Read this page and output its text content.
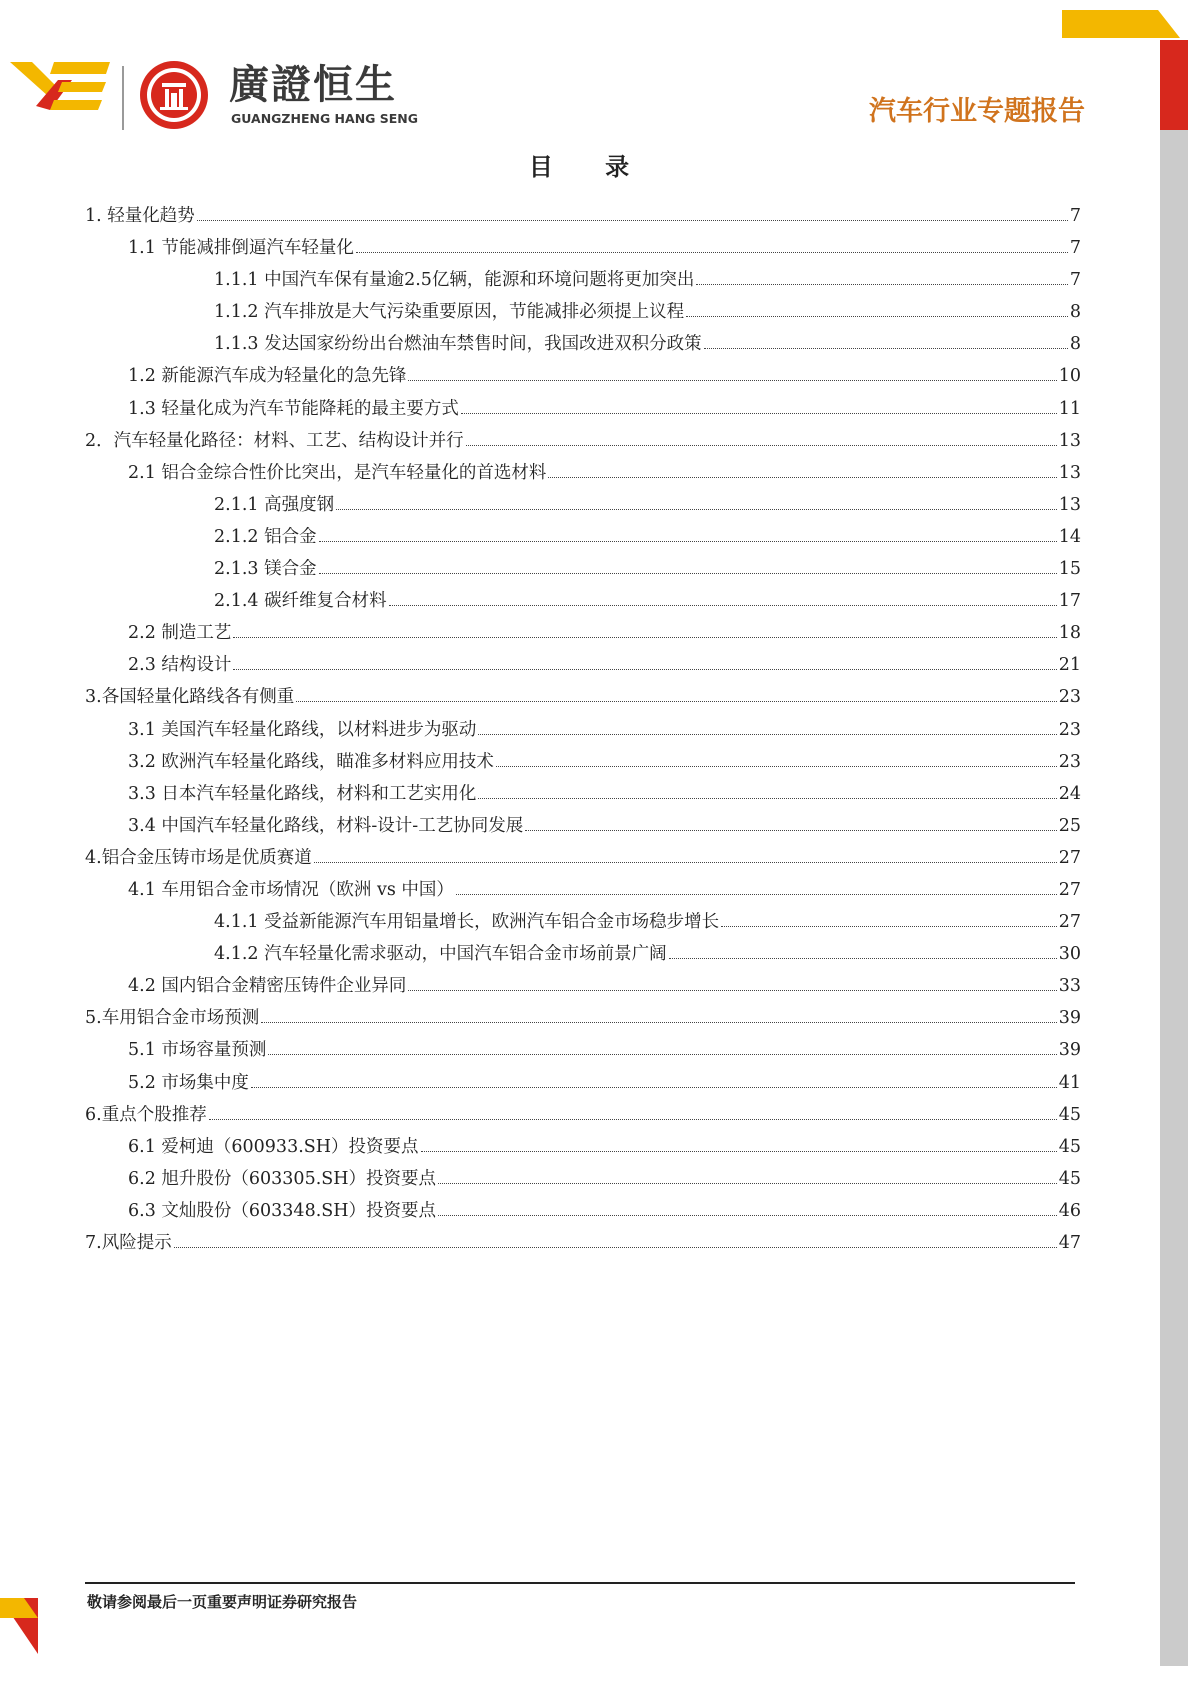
廣證恒生
GUANGZHENG HANG SENG	汽车行业专题报告
目 录
1. 轻量化趋势	7
1.1 节能减排倒逼汽车轻量化	7
1.1.1 中国汽车保有量逾2.5亿辆，能源和环境问题将更加突出	7
1.1.2 汽车排放是大气污染重要原因，节能减排必须提上议程	8
1.1.3 发达国家纷纷出台燃油车禁售时间，我国改进双积分政策	8
1.2 新能源汽车成为轻量化的急先锋	10
1.3 轻量化成为汽车节能降耗的最主要方式	11
2．汽车轻量化路径：材料、工艺、结构设计并行	13
2.1 铝合金综合性价比突出，是汽车轻量化的首选材料	13
2.1.1 高强度钢	13
2.1.2 铝合金	14
2.1.3 镁合金	15
2.1.4 碳纤维复合材料	17
2.2 制造工艺	18
2.3 结构设计	21
3.各国轻量化路线各有侧重	23
3.1 美国汽车轻量化路线，以材料进步为驱动	23
3.2 欧洲汽车轻量化路线，瞄准多材料应用技术	23
3.3 日本汽车轻量化路线，材料和工艺实用化	24
3.4 中国汽车轻量化路线，材料-设计-工艺协同发展	25
4.铝合金压铸市场是优质赛道	27
4.1 车用铝合金市场情况（欧洲 vs 中国）	27
4.1.1 受益新能源汽车用铝量增长，欧洲汽车铝合金市场稳步增长	27
4.1.2 汽车轻量化需求驱动，中国汽车铝合金市场前景广阔	30
4.2 国内铝合金精密压铸件企业异同	33
5.车用铝合金市场预测	39
5.1 市场容量预测	39
5.2 市场集中度	41
6.重点个股推荐	45
6.1 爱柯迪（600933.SH）投资要点	45
6.2 旭升股份（603305.SH）投资要点	45
6.3 文灿股份（603348.SH）投资要点	46
7.风险提示	47
敬请参阅最后一页重要声明证券研究报告
